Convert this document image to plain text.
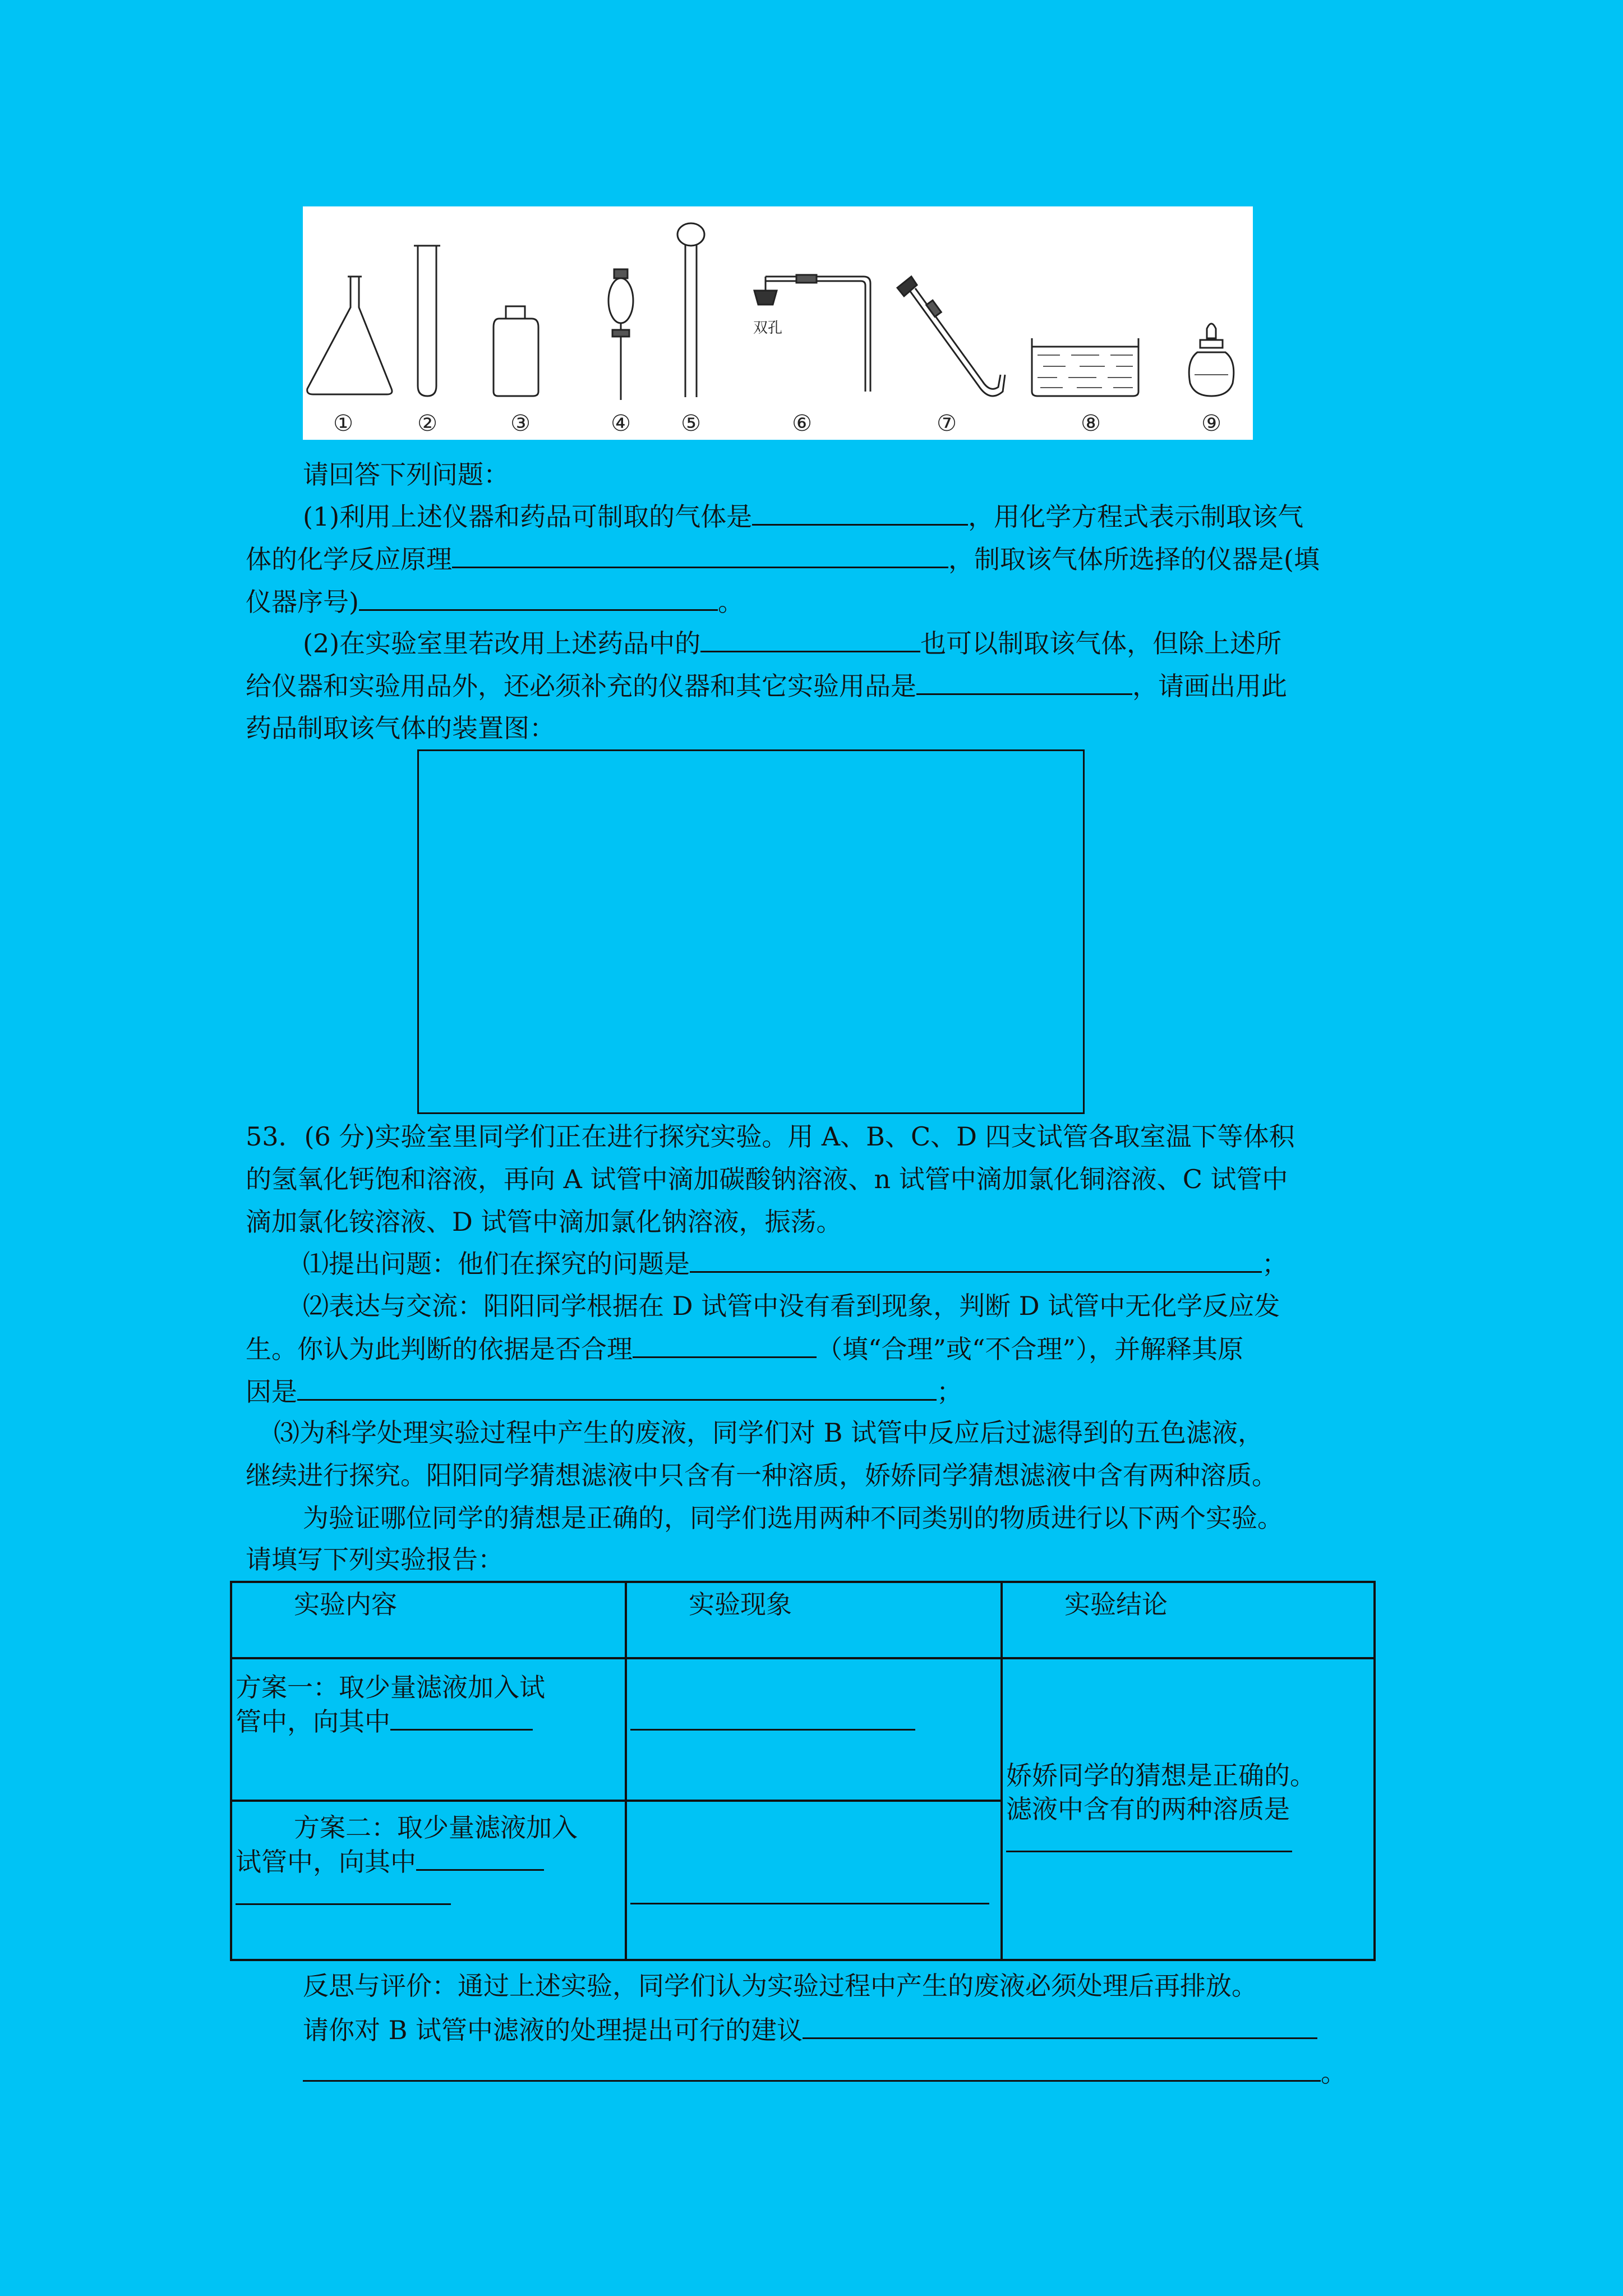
双孔
①	②	③	④ ⑤	⑥	⑦	⑧	⑨
请回答下列问题：
(1)利用上述仪器和药品可制取的气体是	，用化学方程式表示制取该气
体的化学反应原理	，制取该气体所选择的仪器是(填
仪器序号)	。
(2)在实验室里若改用上述药品中的	也可以制取该气体，但除上述所
给仪器和实验用品外，还必须补充的仪器和其它实验用品是	，请画出用此
药品制取该气体的装置图：
53．(6 分)实验室里同学们正在进行探究实验。用 A、B、C、D 四支试管各取室温下等体积
的氢氧化钙饱和溶液，再向 A 试管中滴加碳酸钠溶液、n 试管中滴加氯化铜溶液、C 试管中
滴加氯化铵溶液、D 试管中滴加氯化钠溶液，振荡。
⑴提出问题：他们在探究的问题是	；
⑵表达与交流：阳阳同学根据在 D 试管中没有看到现象，判断 D 试管中无化学反应发
生。你认为此判断的依据是否合理	（填“合理”或“不合理”），并解释其原
因是	；
⑶为科学处理实验过程中产生的废液，同学们对 B 试管中反应后过滤得到的五色滤液，
继续进行探究。阳阳同学猜想滤液中只含有一种溶质，娇娇同学猜想滤液中含有两种溶质。
为验证哪位同学的猜想是正确的，同学们选用两种不同类别的物质进行以下两个实验。
请填写下列实验报告：
实验内容	实验现象	实验结论

方案一：取少量滤液加入试
管中，向其中		娇娇同学的猜想是正确的。
滤液中含有的两种溶质是

方案二：取少量滤液加入
试管中，向其中		

反思与评价：通过上述实验，同学们认为实验过程中产生的废液必须处理后再排放。
请你对 B 试管中滤液的处理提出可行的建议
。
